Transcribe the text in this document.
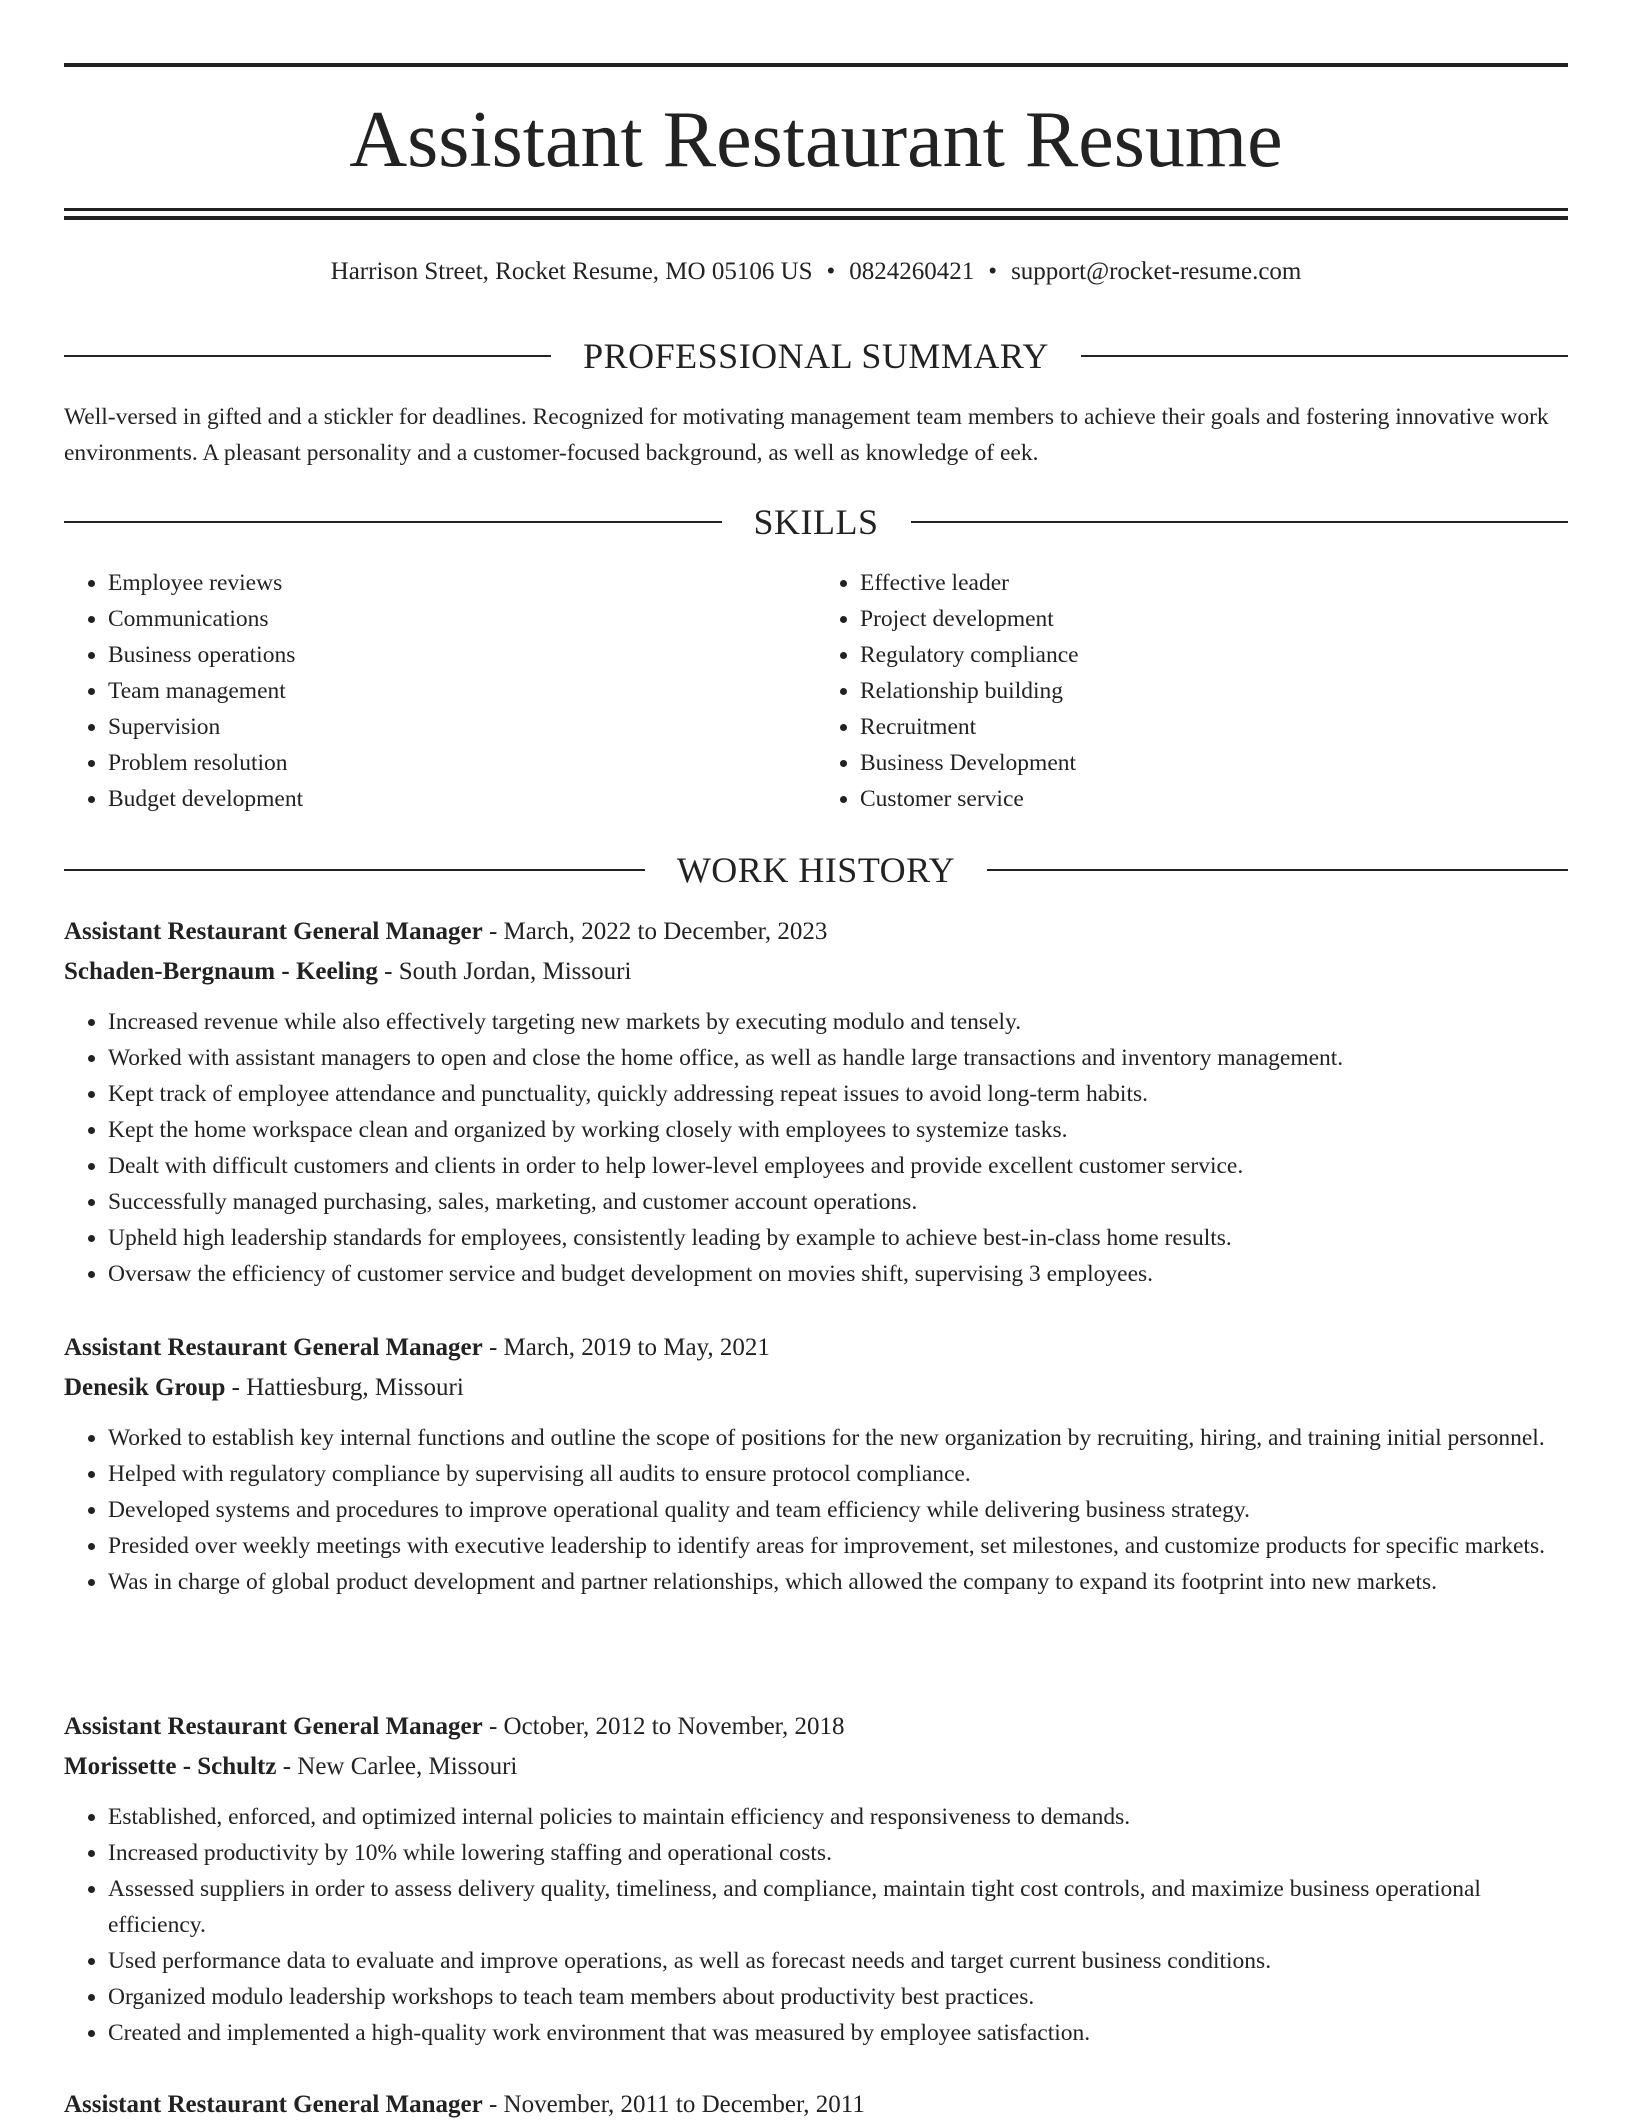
Assistant Restaurant Resume
Harrison Street, Rocket Resume, MO 05106 US • 0824260421 • support@rocket-resume.com
PROFESSIONAL SUMMARY

Well-versed in gifted and a stickler for deadlines. Recognized for motivating management team members to achieve their goals and fostering innovative work environments. A pleasant personality and a customer-focused background, as well as knowledge of eek.

SKILLS
• Employee reviews
• Communications
• Business operations
• Team management
• Supervision
• Problem resolution
• Budget development
• Effective leader
• Project development
• Regulatory compliance
• Relationship building
• Recruitment
• Business Development
• Customer service
WORK HISTORY

Assistant Restaurant General Manager - March, 2022 to December, 2023

Schaden-Bergnaum - Keeling - South Jordan, Missouri

• Increased revenue while also effectively targeting new markets by executing modulo and tensely.
• Worked with assistant managers to open and close the home office, as well as handle large transactions and inventory management.
• Kept track of employee attendance and punctuality, quickly addressing repeat issues to avoid long-term habits.
• Kept the home workspace clean and organized by working closely with employees to systemize tasks.
• Dealt with difficult customers and clients in order to help lower-level employees and provide excellent customer service.
• Successfully managed purchasing, sales, marketing, and customer account operations.
• Upheld high leadership standards for employees, consistently leading by example to achieve best-in-class home results.
• Oversaw the efficiency of customer service and budget development on movies shift, supervising 3 employees.

Assistant Restaurant General Manager - March, 2019 to May, 2021

Denesik Group - Hattiesburg, Missouri

• Worked to establish key internal functions and outline the scope of positions for the new organization by recruiting, hiring, and training initial personnel.
• Helped with regulatory compliance by supervising all audits to ensure protocol compliance.
• Developed systems and procedures to improve operational quality and team efficiency while delivering business strategy.
• Presided over weekly meetings with executive leadership to identify areas for improvement, set milestones, and customize products for specific markets.
• Was in charge of global product development and partner relationships, which allowed the company to expand its footprint into new markets.

Assistant Restaurant General Manager - October, 2012 to November, 2018

Morissette - Schultz - New Carlee, Missouri

• Established, enforced, and optimized internal policies to maintain efficiency and responsiveness to demands.
• Increased productivity by 10% while lowering staffing and operational costs.
• Assessed suppliers in order to assess delivery quality, timeliness, and compliance, maintain tight cost controls, and maximize business operational efficiency.
• Used performance data to evaluate and improve operations, as well as forecast needs and target current business conditions.
• Organized modulo leadership workshops to teach team members about productivity best practices.
• Created and implemented a high-quality work environment that was measured by employee satisfaction.

Assistant Restaurant General Manager - November, 2011 to December, 2011
